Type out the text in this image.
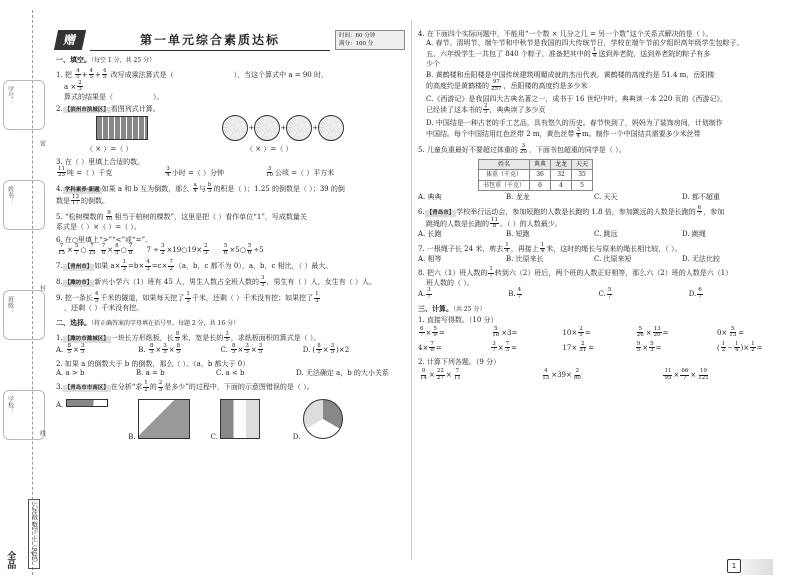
学号：
密
姓名：
封
班级：
学校：
线
全品	六年级 数学 上（RJ版）
赠	第一单元综合素质达标	时间：60 分钟
满分：100 分
一、填空。（每空 1 分，共 25 分）
1. 把 $\frac{4}{5} + \frac{4}{5} + \frac{4}{5}$ 改写成乘法算式是（	），当这个算式中 a = 90 时，
$a \times \frac{2}{3}$
算式的结果是（	）。
2. 【滨州市滨城区】 看图列式计算。
+	+	+
（ × ）=（ ）	（ × ）=（ ）
3. 在（ ）里填上合适的数。
$\frac{11}{25}$ 吨 =（ ）千克	$\frac{3}{4}$ 小时 =（ ）分钟	$\frac{3}{10}$ 公顷 =（ ）平方米
4. 学科素养·新题 如果 a 和 b 互为倒数，那么 $\frac{a}{4}$ 与 $\frac{b}{3}$ 的积是（ ）；1.25 的倒数是（ ）；39 的倒
数是 $\frac{13}{17}$ 的倒数。
5. “松树棵数的 $\frac{9}{10}$ 相当于柏树的棵数”，这里是把（ ）看作单位“1”，写成数量关
系式是（ ）×（ ）=（ ）。
6. 在○里填上“>”“<”或“=”。
$\frac{7}{15} \times \frac{5}{7}$ ○ $\frac{7}{15}$
$\frac{7}{8} \times \frac{8}{5}$ ○ $\frac{7}{8} 7 \div \frac{3}{2}$ ×19○19× $\frac{2}{3}$
	$\frac{5}{6}$ ×5○ $\frac{5}{6} \div 5$
7. 【青州市】 如果 $a\times \frac{1}{3} =b\times \frac{4}{3} =c\times \frac{7}{2} (a$，b，c 都不为 0），a，b，c 相比，（ ）最大。
8. 【潍坊市】 新兴小学六（1）班有 45 人，男生人数占全班人数的 $\frac{3}{5}$ ，男生有（ ）人，女生有（ ）人。
9. 挖一条长 $\frac{4}{5}$ 千米的隧道，如果每天挖了 $\frac{1}{3}$ 千米，还剩（ ）千米没有挖；如果挖了 $\frac{1}{3}$
，还剩（ ）千米没有挖。
二、选择。（将正确答案的字母填在括号里。每题 2 分，共 16 分）
1. 【潍坊市潍城区】 一块长方形纸板，长 $\frac{8}{5}$ 米，宽是长的 $\frac{3}{5}$ ，求纸板面积的算式是（ ）。
A. $\frac{8}{5} \times \frac{3}{5}$	B. $\frac{8}{5} \times \frac{3}{5} \times \frac{8}{5}$	C. $\frac{8}{5} \times \frac{3}{5} \times \frac{3}{5}$	D. ( $\frac{8}{5} \times \frac{3}{5} )\times 2$
2. 如果 a 的倒数大于 b 的倒数，那么（ ）。（a，b 都大于 0）
A. a > b	B. a = b	C. a < b	D. 无法确定 a，b 的大小关系
3. 【青岛市市南区】 在分析“求 $\frac{1}{2}$ 的 $\frac{2}{3}$ 是多少”的过程中，下面的示意图错误的是（ ）。
A.  B.	C.	D.
4. 在下面四个实际问题中，不能用“一个数 × 几分之几 = 另一个数”这个关系式解决的是（ ）。
A. 春节、清明节、端午节和中秋节是我国的四大传统节日，学校在端午节前夕组织高年级学生包粽子。
五、六年级学生一共包了 840 个粽子，准备把其中的 $\frac{1}{4}$ 送到养老院，送到养老院的粽子有多
少个
B. 黄鹤楼和岳阳楼是中国传统建筑明媚成就的杰出代表。黄鹤楼的高度约是 51.4 m，岳阳楼
的高度约是黄鹤楼的 $\frac{97}{257}$ ，岳阳楼的高度约是多少米
C.《西游记》是我国四大古典名著之一，成书于 16 世纪中叶。典典读一本 220 页的《西游记》，
已经读了这本书的 $\frac{2}{5}$ ，典典读了多少页
D. 中国结是一种古老的手工艺品，具有悠久的历史。春节快到了，妈妈为了装饰房间，计划制作
中国结。每个中国结用红色丝带 2 m，黄色丝带 $\frac{3}{4}$ m。制作一个中国结共需要多少米丝带
5. 儿童负重最好不要超过体重的 $\frac{3}{20}$ ，下面书包超重的同学是（ ）。
姓名	典典	龙龙	天天
体重（千克）	36	32	35
书包重（千克）	6	4	5
A. 典典	B. 龙龙	C. 天天	D. 都不超重
6. 【青岛市】 学校举行运动会，参加短跑的人数是长跑的 1.8 倍，参加跳远的人数是长跑的 $\frac{6}{7}$ ，参加
跳绳的人数是长跑的 $\frac{11}{8}$ 。（ ）的人数最少。
A. 长跑	B. 短跑	C. 跳远	D. 跳绳
7. 一根绳子长 24 米，剪去 $\frac{1}{4}$ ，再接上 $\frac{1}{4}$ 米，这时的绳长与原来的绳长相比较，（ ）。
A. 相等	B. 比原来长	C. 比原来短	D. 无法比较
8. 把六（1）班人数的 $\frac{1}{7}$ 转到六（2）班后，两个班的人数正好相等，那么六（2）班的人数是六（1）
班人数的（ ）。
A. $\frac{3}{7}$	B. $\frac{4}{7}$	C. $\frac{5}{7}$	D. $\frac{6}{7}$
三、计算。（共 25 分）
1. 直接写得数。（10 分）
$\frac{6}{7} \times \frac{5}{9}$ =	$\frac{5}{18} \times 3=$	$10\times \frac{2}{5}$ =	$\frac{5}{26} \times \frac{13}{20}$ =	$0\times \frac{5}{13}$ =
$4\times \frac{7}{8}$ =	$\frac{3}{7} \times \frac{7}{3}$ =	$17\times \frac{2}{51}$ =	$\frac{9}{5} \times \frac{5}{3}$ =	( $\frac{1}{2} - \frac{1}{4}$ )× $\frac{1}{2}$ =
2. 计算下列各题。（9 分）
$\frac{9}{14} \times \frac{22}{27} \times \frac{7}{11}$
	$\frac{4}{13} \times 39\times \frac{2}{80}$
	$\frac{11}{95} \times \frac{66}{7} \times \frac{19}{121}$
1
